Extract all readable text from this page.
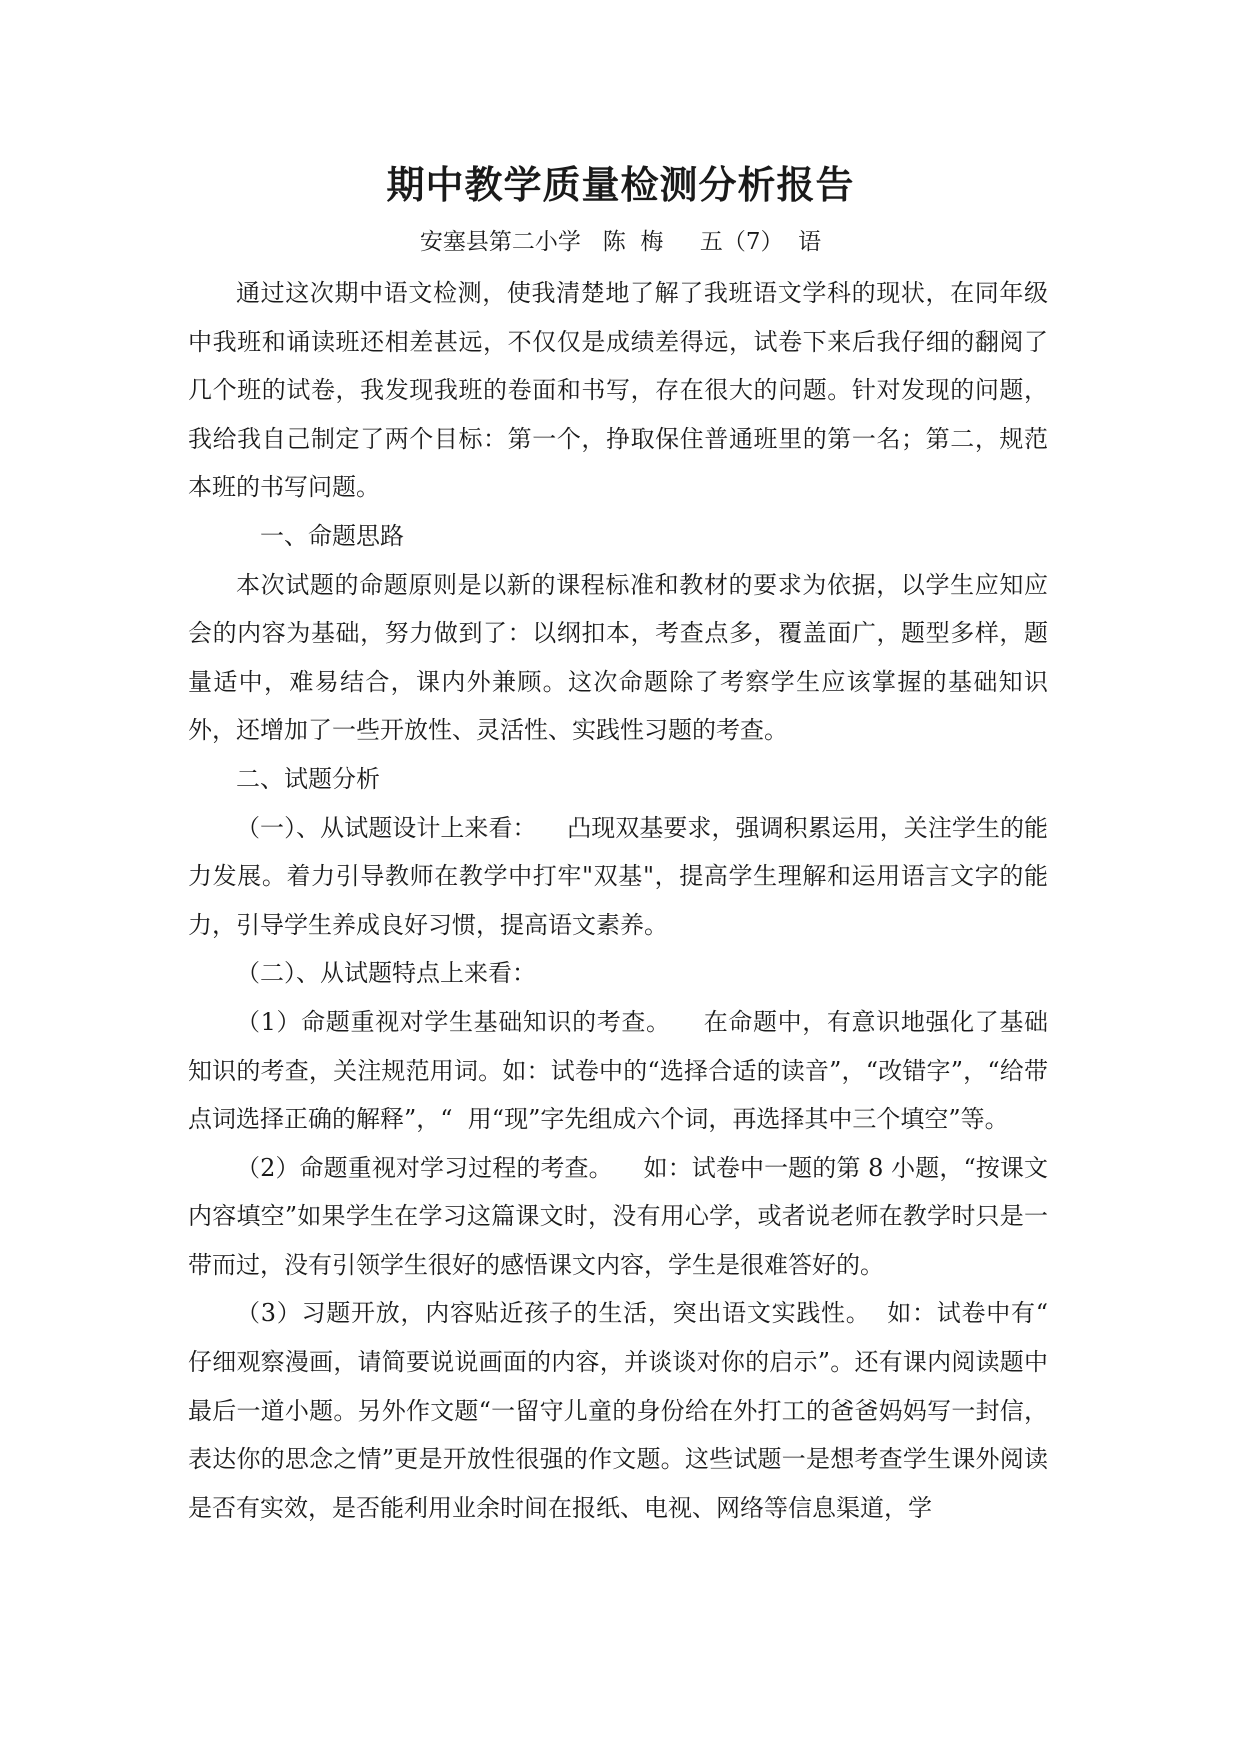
期中教学质量检测分析报告
安塞县第二小学   陈  梅     五（7）  语

通过这次期中语文检测，使我清楚地了解了我班语文学科的现状，在同年级中我班和诵读班还相差甚远，不仅仅是成绩差得远，试卷下来后我仔细的翻阅了几个班的试卷，我发现我班的卷面和书写，存在很大的问题。针对发现的问题，我给我自己制定了两个目标：第一个，挣取保住普通班里的第一名；第二，规范本班的书写问题。

一、命题思路

本次试题的命题原则是以新的课程标准和教材的要求为依据，以学生应知应会的内容为基础，努力做到了：以纲扣本，考查点多，覆盖面广，题型多样，题量适中，难易结合，课内外兼顾。这次命题除了考察学生应该掌握的基础知识外，还增加了一些开放性、灵活性、实践性习题的考查。

二、试题分析

（一）、从试题设计上来看：    凸现双基要求，强调积累运用，关注学生的能力发展。着力引导教师在教学中打牢"双基"，提高学生理解和运用语言文字的能力，引导学生养成良好习惯，提高语文素养。

（二）、从试题特点上来看：

（1）命题重视对学生基础知识的考查。    在命题中，有意识地强化了基础知识的考查，关注规范用词。如：试卷中的“选择合适的读音”，“改错字”，“给带点词选择正确的解释”，“  用“现”字先组成六个词，再选择其中三个填空”等。

（2）命题重视对学习过程的考查。    如：试卷中一题的第 8 小题，“按课文内容填空”如果学生在学习这篇课文时，没有用心学，或者说老师在教学时只是一带而过，没有引领学生很好的感悟课文内容，学生是很难答好的。

（3）习题开放，内容贴近孩子的生活，突出语文实践性。  如：试卷中有“  仔细观察漫画，请简要说说画面的内容，并谈谈对你的启示”。还有课内阅读题中最后一道小题。另外作文题“一留守儿童的身份给在外打工的爸爸妈妈写一封信，表达你的思念之情”更是开放性很强的作文题。这些试题一是想考查学生课外阅读是否有实效，是否能利用业余时间在报纸、电视、网络等信息渠道，学
